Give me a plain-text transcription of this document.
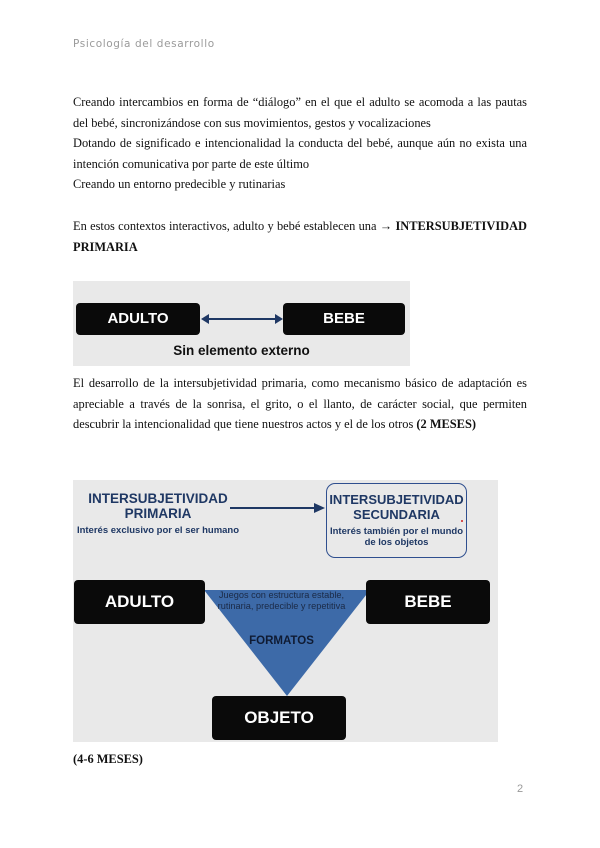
Psicología del desarrollo

Creando intercambios en forma de “diálogo” en el que el adulto se acomoda a las pautas del bebé, sincronizándose con sus movimientos, gestos y vocalizaciones

Dotando de significado e intencionalidad la conducta del bebé, aunque aún no exista una intención comunicativa por parte de este último

Creando un entorno predecible y rutinarias

En estos contextos interactivos, adulto y bebé establecen una → INTERSUBJETIVIDAD PRIMARIA

ADULTO	BEBE
Sin elemento externo

El desarrollo de la intersubjetividad primaria, como mecanismo básico de adaptación es apreciable a través de la sonrisa, el grito, o el llanto, de carácter social, que permiten descubrir la intencionalidad que tiene nuestros actos y el de los otros (2 MESES)

INTERSUBJETIVIDAD PRIMARIA
Interés exclusivo por el ser humano
INTERSUBJETIVIDAD SECUNDARIA
Interés también por el mundo de los objetos
ADULTO	BEBE
OBJETO
Juegos con estructura estable, rutinaria, predecible y repetitiva
FORMATOS

(4-6 MESES)

2
